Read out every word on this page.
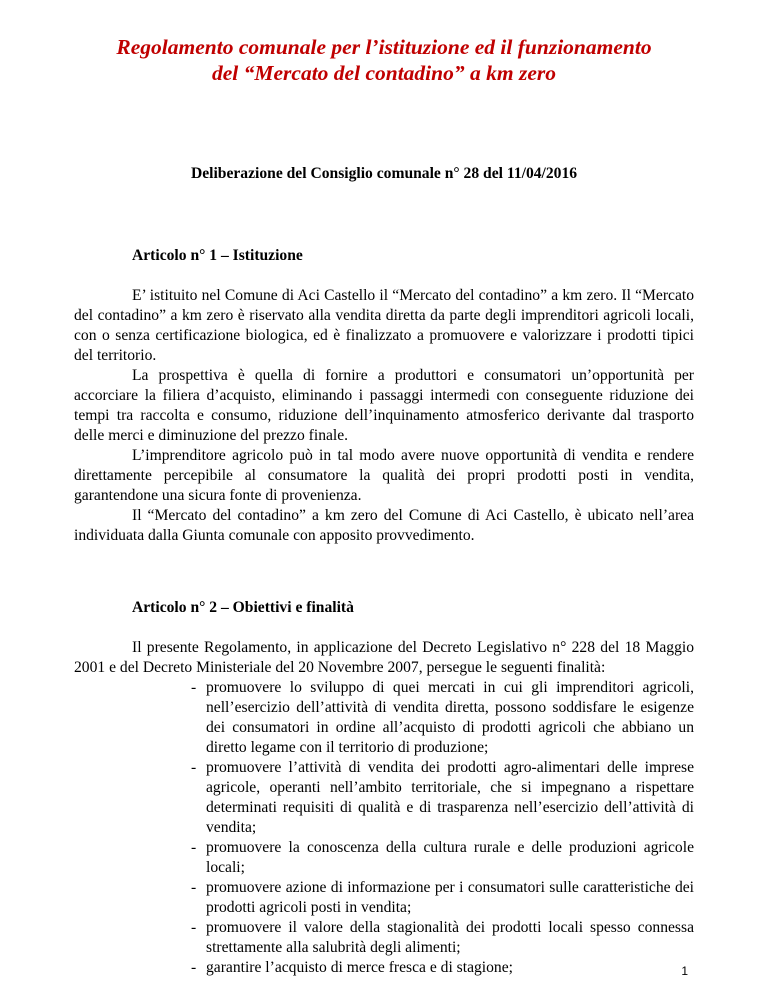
Regolamento comunale per l’istituzione ed il funzionamento
del “Mercato del contadino” a km zero

Deliberazione del Consiglio comunale n° 28 del 11/04/2016

Articolo n° 1 – Istituzione

E’ istituito nel Comune di Aci Castello il “Mercato del contadino” a km zero. Il “Mercato del contadino” a km zero è riservato alla vendita diretta da parte degli imprenditori agricoli locali, con o senza certificazione biologica, ed è finalizzato a promuovere e valorizzare i prodotti tipici del territorio.

La prospettiva è quella di fornire a produttori e consumatori un’opportunità per accorciare la filiera d’acquisto, eliminando i passaggi intermedi con conseguente riduzione dei tempi tra raccolta e consumo, riduzione dell’inquinamento atmosferico derivante dal trasporto delle merci e diminuzione del prezzo finale.

L’imprenditore agricolo può in tal modo avere nuove opportunità di vendita e rendere direttamente percepibile al consumatore la qualità dei propri prodotti posti in vendita, garantendone una sicura fonte di provenienza.

Il “Mercato del contadino” a km zero del Comune di Aci Castello, è ubicato nell’area individuata dalla Giunta comunale con apposito provvedimento.

Articolo n° 2 – Obiettivi e finalità

Il presente Regolamento, in applicazione del Decreto Legislativo n° 228 del 18 Maggio 2001 e del Decreto Ministeriale del 20 Novembre 2007, persegue le seguenti finalità:

- promuovere lo sviluppo di quei mercati in cui gli imprenditori agricoli, nell’esercizio dell’attività di vendita diretta, possono soddisfare le esigenze dei consumatori in ordine all’acquisto di prodotti agricoli che abbiano un diretto legame con il territorio di produzione;
- promuovere l’attività di vendita dei prodotti agro-alimentari delle imprese agricole, operanti nell’ambito territoriale, che si impegnano a rispettare determinati requisiti di qualità e di trasparenza nell’esercizio dell’attività di vendita;
- promuovere la conoscenza della cultura rurale e delle produzioni agricole locali;
- promuovere azione di informazione per i consumatori sulle caratteristiche dei prodotti agricoli posti in vendita;
- promuovere il valore della stagionalità dei prodotti locali spesso connessa strettamente alla salubrità degli alimenti;
- garantire l’acquisto di merce fresca e di stagione;	1
